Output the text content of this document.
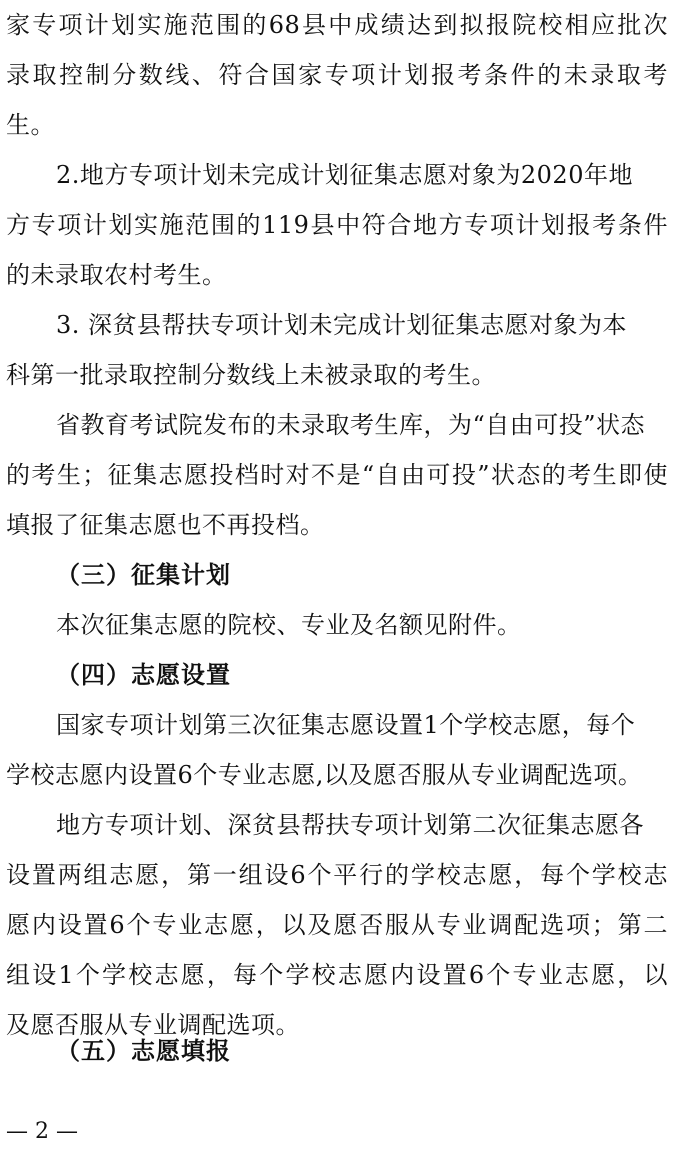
家专项计划实施范围的68县中成绩达到拟报院校相应批次
录取控制分数线、符合国家专项计划报考条件的未录取考
生。
2.地方专项计划未完成计划征集志愿对象为2020年地
方专项计划实施范围的119县中符合地方专项计划报考条件
的未录取农村考生。
3. 深贫县帮扶专项计划未完成计划征集志愿对象为本
科第一批录取控制分数线上未被录取的考生。
省教育考试院发布的未录取考生库，为“自由可投”状态
的考生；征集志愿投档时对不是“自由可投”状态的考生即使
填报了征集志愿也不再投档。
（三）征集计划
本次征集志愿的院校、专业及名额见附件。
（四）志愿设置
国家专项计划第三次征集志愿设置1个学校志愿，每个
学校志愿内设置6个专业志愿,以及愿否服从专业调配选项。
地方专项计划、深贫县帮扶专项计划第二次征集志愿各
设置两组志愿，第一组设6个平行的学校志愿，每个学校志
愿内设置6个专业志愿，以及愿否服从专业调配选项；第二
组设1个学校志愿，每个学校志愿内设置6个专业志愿，以
及愿否服从专业调配选项。
（五）志愿填报
— 2 —
